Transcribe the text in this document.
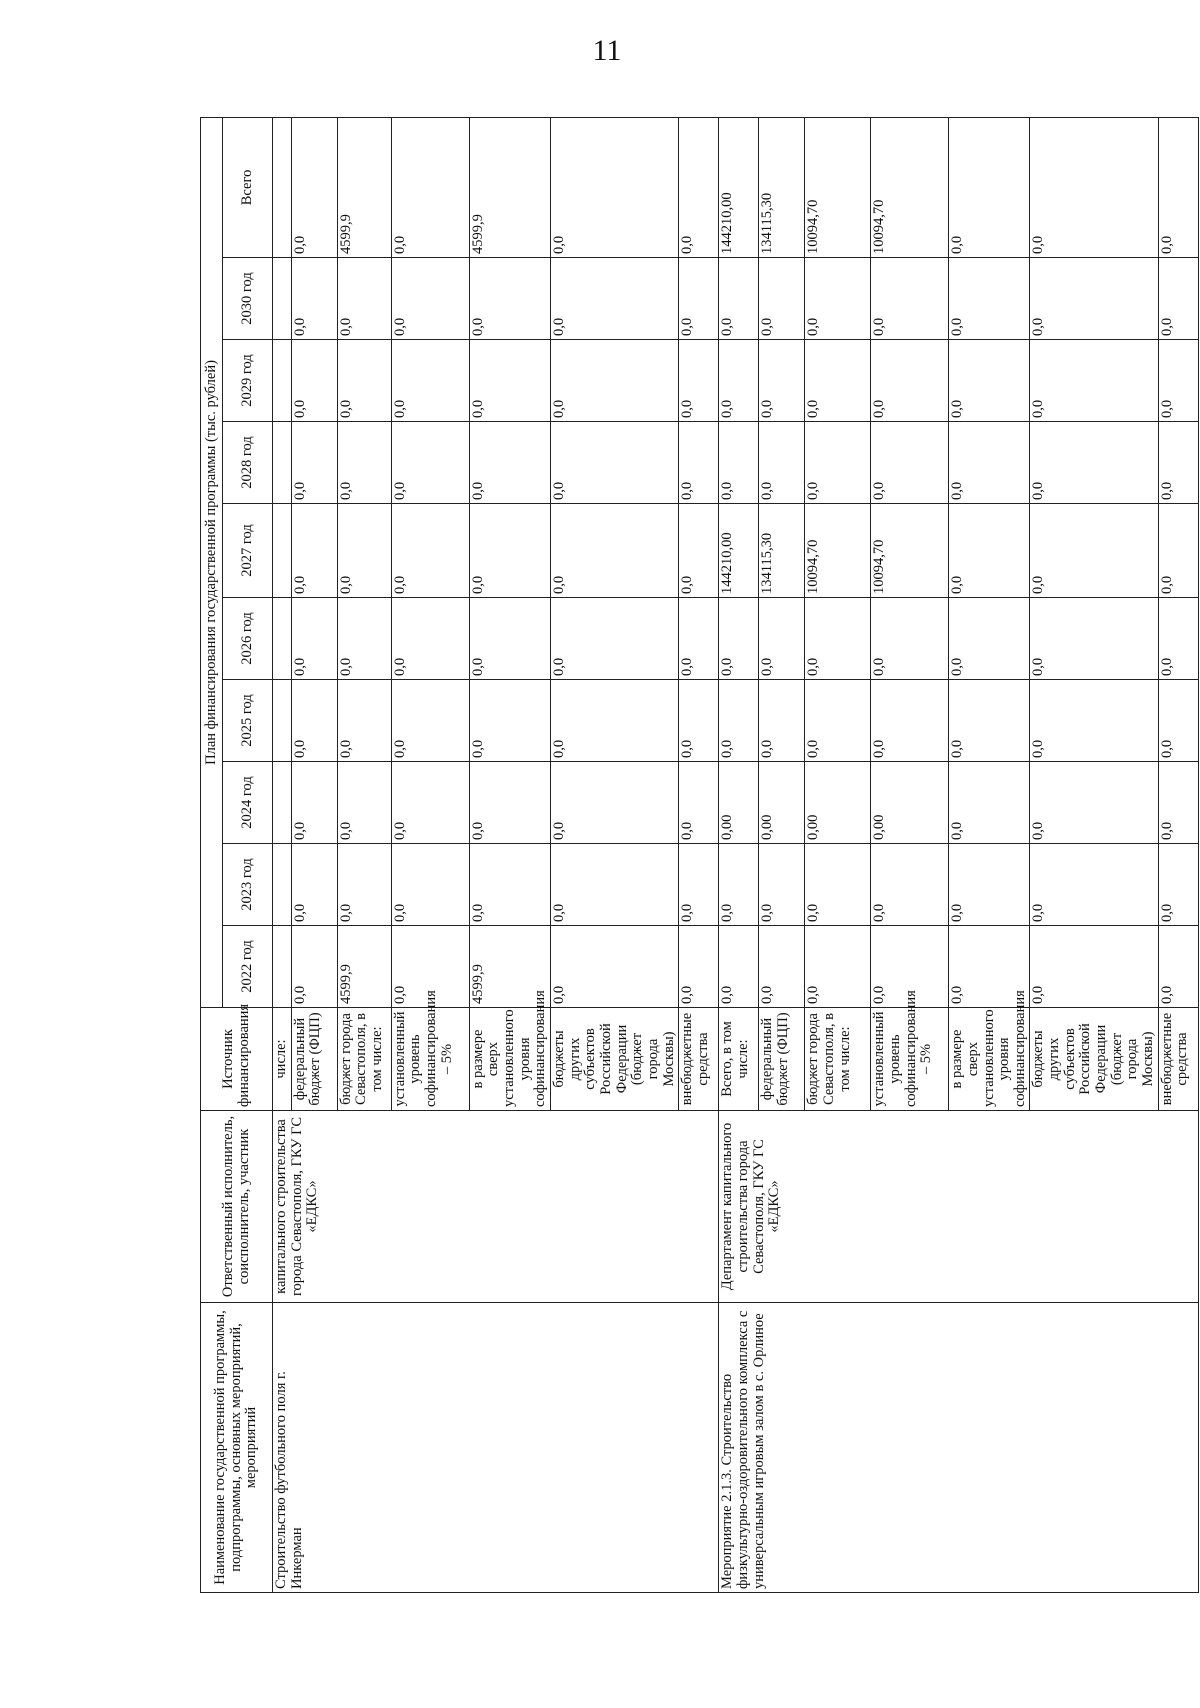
11
Наименование государственной программы, подпрограммы, основных мероприятий, мероприятий	Ответственный исполнитель, соисполнитель, участник	Источник финансирования	План финансирования государственной программы (тыс. рублей)									
			2022 год	2023 год	2024 год	2025 год	2026 год	2027 год	2028 год	2029 год	2030 год	Всего
Строительство футбольного поля г. Инкерман	капитального строительства города Севастополя, ГКУ ГС «ЕДКС»	числе:										
		федеральный бюджет (ФЦП)	0,0	0,0	0,0	0,0	0,0	0,0	0,0	0,0	0,0	0,0
		бюджет города Севастополя, в том числе:	4599,9	0,0	0,0	0,0	0,0	0,0	0,0	0,0	0,0	4599,9
		установленный уровень софинансирования – 5%	0,0	0,0	0,0	0,0	0,0	0,0	0,0	0,0	0,0	0,0
		в размере сверх установленного уровня софинансирования	4599,9	0,0	0,0	0,0	0,0	0,0	0,0	0,0	0,0	4599,9
		бюджеты других субъектов Российской Федерации (бюджет города Москвы)	0,0	0,0	0,0	0,0	0,0	0,0	0,0	0,0	0,0	0,0
		внебюджетные средства	0,0	0,0	0,0	0,0	0,0	0,0	0,0	0,0	0,0	0,0
Мероприятие 2.1.3. Строительство физкультурно-оздоровительного комплекса с универсальным игровым залом в с. Орлиное	Департамент капитального строительства города Севастополя, ГКУ ГС «ЕДКС»	Всего, в том числе:	0,0	0,0	0,00	0,0	0,0	144210,00	0,0	0,0	0,0	144210,00
		федеральный бюджет (ФЦП)	0,0	0,0	0,00	0,0	0,0	134115,30	0,0	0,0	0,0	134115,30
		бюджет города Севастополя, в том числе:	0,0	0,0	0,00	0,0	0,0	10094,70	0,0	0,0	0,0	10094,70
		установленный уровень софинансирования – 5%	0,0	0,0	0,00	0,0	0,0	10094,70	0,0	0,0	0,0	10094,70
		в размере сверх установленного уровня софинансирования	0,0	0,0	0,0	0,0	0,0	0,0	0,0	0,0	0,0	0,0
		бюджеты других субъектов Российской Федерации (бюджет города Москвы)	0,0	0,0	0,0	0,0	0,0	0,0	0,0	0,0	0,0	0,0
		внебюджетные средства	0,0	0,0	0,0	0,0	0,0	0,0	0,0	0,0	0,0	0,0
